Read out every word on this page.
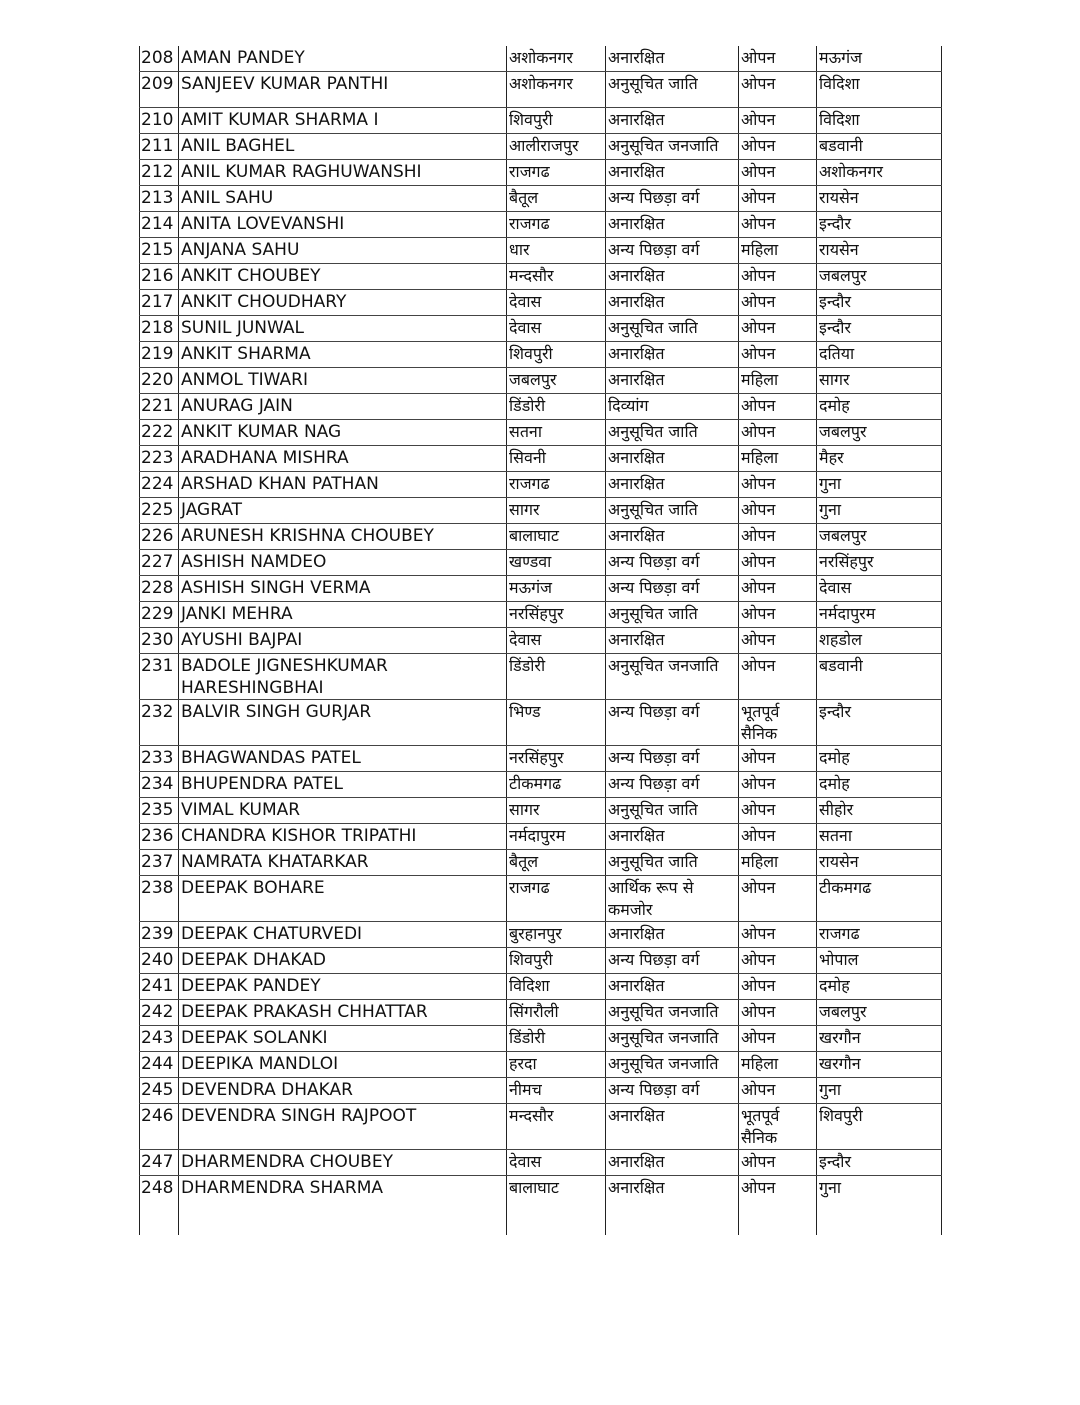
208	AMAN PANDEY	अशोकनगर	अनारक्षित	ओपन	मऊगंज
209	SANJEEV KUMAR PANTHI	अशोकनगर	अनुसूचित जाति	ओपन	विदिशा
210	AMIT KUMAR SHARMA I	शिवपुरी	अनारक्षित	ओपन	विदिशा
211	ANIL BAGHEL	आलीराजपुर	अनुसूचित जनजाति	ओपन	बडवानी
212	ANIL KUMAR RAGHUWANSHI	राजगढ	अनारक्षित	ओपन	अशोकनगर
213	ANIL SAHU	बैतूल	अन्य पिछड़ा वर्ग	ओपन	रायसेन
214	ANITA LOVEVANSHI	राजगढ	अनारक्षित	ओपन	इन्दौर
215	ANJANA SAHU	धार	अन्य पिछड़ा वर्ग	महिला	रायसेन
216	ANKIT CHOUBEY	मन्दसौर	अनारक्षित	ओपन	जबलपुर
217	ANKIT CHOUDHARY	देवास	अनारक्षित	ओपन	इन्दौर
218	SUNIL JUNWAL	देवास	अनुसूचित जाति	ओपन	इन्दौर
219	ANKIT SHARMA	शिवपुरी	अनारक्षित	ओपन	दतिया
220	ANMOL TIWARI	जबलपुर	अनारक्षित	महिला	सागर
221	ANURAG JAIN	डिंडोरी	दिव्यांग	ओपन	दमोह
222	ANKIT KUMAR NAG	सतना	अनुसूचित जाति	ओपन	जबलपुर
223	ARADHANA MISHRA	सिवनी	अनारक्षित	महिला	मैहर
224	ARSHAD KHAN PATHAN	राजगढ	अनारक्षित	ओपन	गुना
225	JAGRAT	सागर	अनुसूचित जाति	ओपन	गुना
226	ARUNESH KRISHNA CHOUBEY	बालाघाट	अनारक्षित	ओपन	जबलपुर
227	ASHISH NAMDEO	खण्डवा	अन्य पिछड़ा वर्ग	ओपन	नरसिंहपुर
228	ASHISH SINGH VERMA	मऊगंज	अन्य पिछड़ा वर्ग	ओपन	देवास
229	JANKI MEHRA	नरसिंहपुर	अनुसूचित जाति	ओपन	नर्मदापुरम
230	AYUSHI BAJPAI	देवास	अनारक्षित	ओपन	शहडोल
231	BADOLE JIGNESHKUMAR HARESHINGBHAI	डिंडोरी	अनुसूचित जनजाति	ओपन	बडवानी
232	BALVIR SINGH GURJAR	भिण्ड	अन्य पिछड़ा वर्ग	भूतपूर्व सैनिक	इन्दौर
233	BHAGWANDAS PATEL	नरसिंहपुर	अन्य पिछड़ा वर्ग	ओपन	दमोह
234	BHUPENDRA PATEL	टीकमगढ	अन्य पिछड़ा वर्ग	ओपन	दमोह
235	VIMAL KUMAR	सागर	अनुसूचित जाति	ओपन	सीहोर
236	CHANDRA KISHOR TRIPATHI	नर्मदापुरम	अनारक्षित	ओपन	सतना
237	NAMRATA KHATARKAR	बैतूल	अनुसूचित जाति	महिला	रायसेन
238	DEEPAK BOHARE	राजगढ	आर्थिक रूप से कमजोर	ओपन	टीकमगढ
239	DEEPAK CHATURVEDI	बुरहानपुर	अनारक्षित	ओपन	राजगढ
240	DEEPAK DHAKAD	शिवपुरी	अन्य पिछड़ा वर्ग	ओपन	भोपाल
241	DEEPAK PANDEY	विदिशा	अनारक्षित	ओपन	दमोह
242	DEEPAK PRAKASH CHHATTAR	सिंगरौली	अनुसूचित जनजाति	ओपन	जबलपुर
243	DEEPAK SOLANKI	डिंडोरी	अनुसूचित जनजाति	ओपन	खरगौन
244	DEEPIKA MANDLOI	हरदा	अनुसूचित जनजाति	महिला	खरगौन
245	DEVENDRA DHAKAR	नीमच	अन्य पिछड़ा वर्ग	ओपन	गुना
246	DEVENDRA SINGH RAJPOOT	मन्दसौर	अनारक्षित	भूतपूर्व सैनिक	शिवपुरी
247	DHARMENDRA CHOUBEY	देवास	अनारक्षित	ओपन	इन्दौर
248	DHARMENDRA SHARMA	बालाघाट	अनारक्षित	ओपन	गुना
